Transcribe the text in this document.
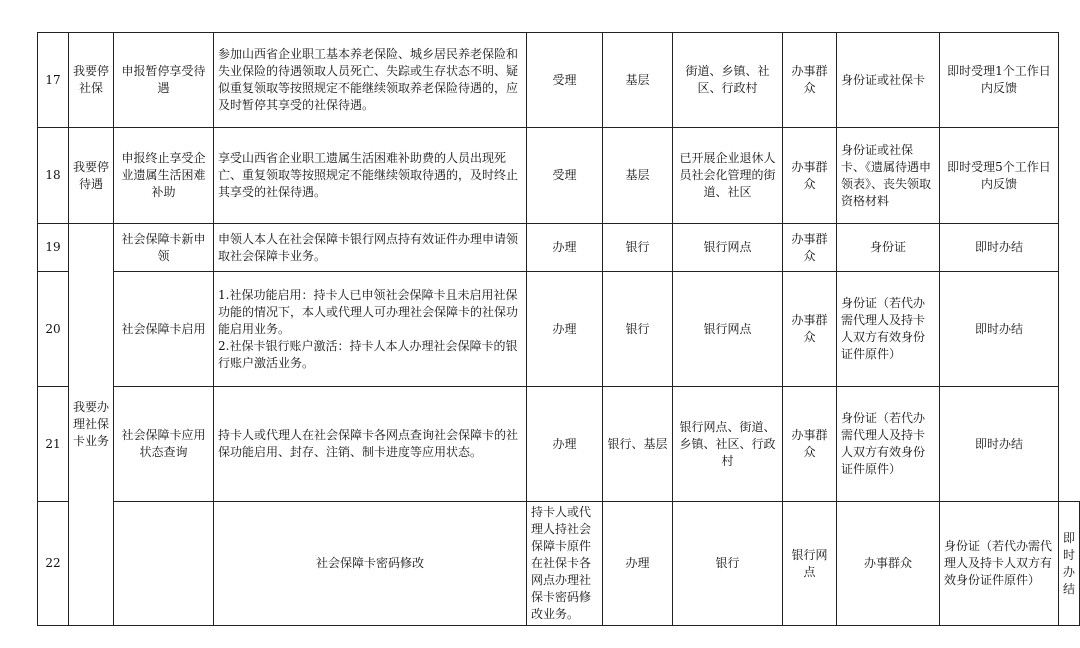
17	我要停社保	申报暂停享受待遇	参加山西省企业职工基本养老保险、城乡居民养老保险和失业保险的待遇领取人员死亡、失踪或生存状态不明、疑似重复领取等按照规定不能继续领取养老保险待遇的，应及时暂停其享受的社保待遇。	受理	基层	街道、乡镇、社区、行政村	办事群众	身份证或社保卡	即时受理1个工作日内反馈	
18	我要停待遇	申报终止享受企业遗属生活困难补助	享受山西省企业职工遗属生活困难补助费的人员出现死亡、重复领取等按照规定不能继续领取待遇的，及时终止其享受的社保待遇。	受理	基层	已开展企业退休人员社会化管理的街道、社区	办事群众	身份证或社保卡、《遗属待遇申领表》、丧失领取资格材料	即时受理5个工作日内反馈	
19	我要办理社保卡业务	社会保障卡新申领	申领人本人在社会保障卡银行网点持有效证件办理申请领取社会保障卡业务。	办理	银行	银行网点	办事群众	身份证	即时办结	
20		社会保障卡启用	1.社保功能启用：持卡人已申领社会保障卡且未启用社保功能的情况下，本人或代理人可办理社会保障卡的社保功能启用业务。
2.社保卡银行账户激活：持卡人本人办理社会保障卡的银行账户激活业务。	办理	银行	银行网点	办事群众	身份证（若代办需代理人及持卡人双方有效身份证件原件）	即时办结	
21		社会保障卡应用状态查询	持卡人或代理人在社会保障卡各网点查询社会保障卡的社保功能启用、封存、注销、制卡进度等应用状态。	办理	银行、基层	银行网点、街道、乡镇、社区、行政村	办事群众	身份证（若代办需代理人及持卡人双方有效身份证件原件）	即时办结	
22			社会保障卡密码修改	持卡人或代理人持社会保障卡原件在社保卡各网点办理社保卡密码修改业务。	办理	银行	银行网点	办事群众	身份证（若代办需代理人及持卡人双方有效身份证件原件）	即时办结
